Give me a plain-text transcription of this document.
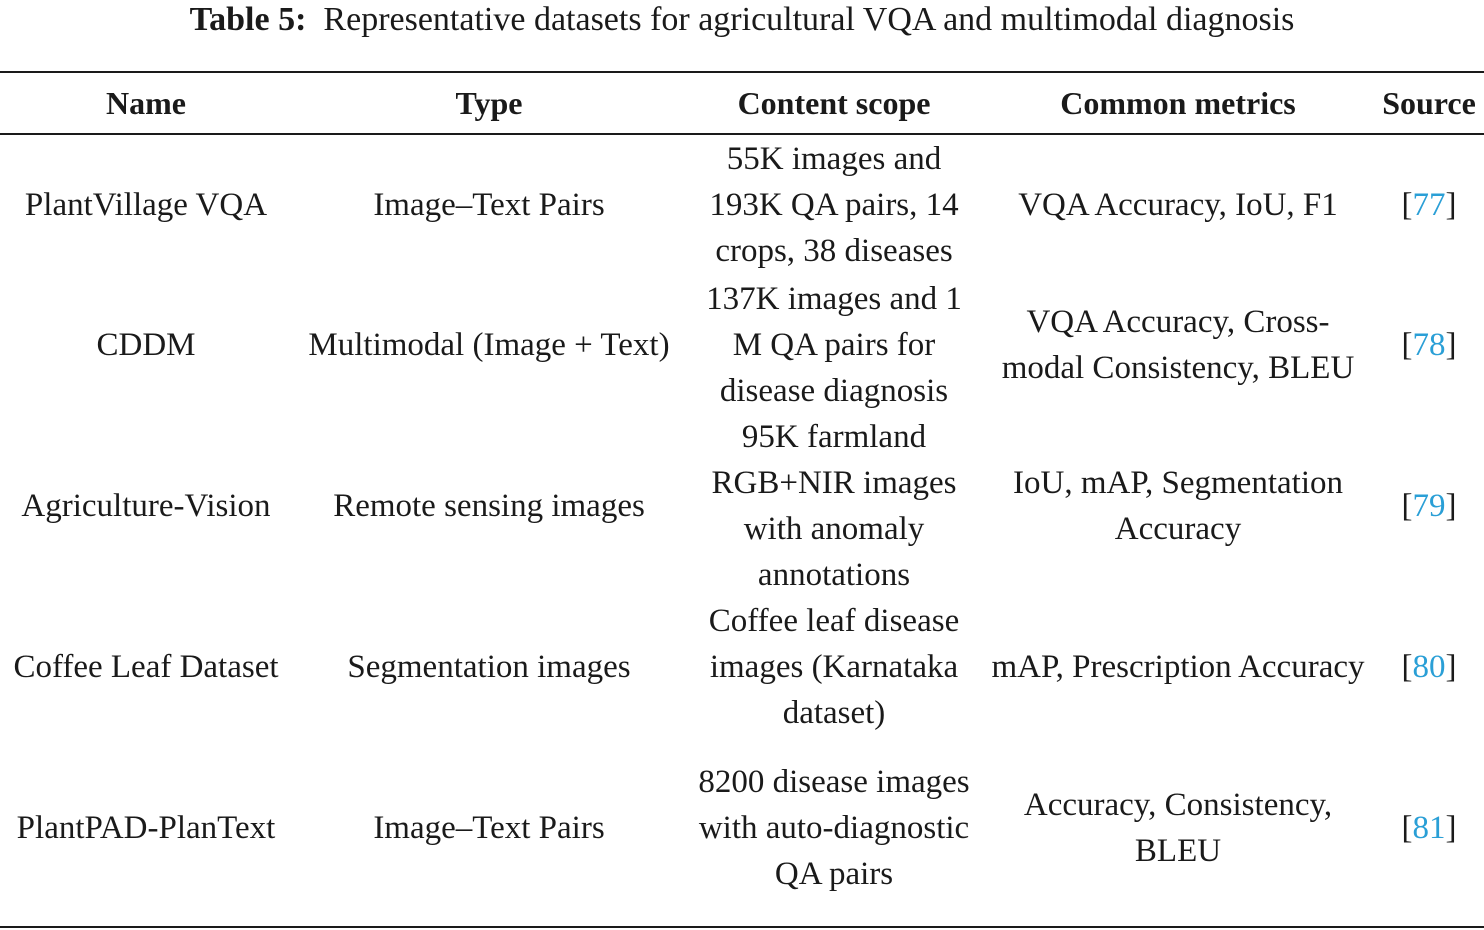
Table 5: Representative datasets for agricultural VQA and multimodal diagnosis
Name	Type	Content scope	Common metrics	Source
PlantVillage VQA	Image–Text Pairs	55K images and 193K QA pairs, 14 crops, 38 diseases	VQA Accuracy, IoU, F1	[77]
CDDM	Multimodal (Image + Text)	137K images and 1 M QA pairs for disease diagnosis	VQA Accuracy, Cross-modal Consistency, BLEU	[78]
Agriculture-Vision	Remote sensing images	95K farmland RGB+NIR images with anomaly annotations	IoU, mAP, Segmentation Accuracy	[79]
Coffee Leaf Dataset	Segmentation images	Coffee leaf disease images (Karnataka dataset)	mAP, Prescription Accuracy	[80]
PlantPAD-PlanText	Image–Text Pairs	8200 disease images with auto-diagnostic QA pairs	Accuracy, Consistency, BLEU	[81]
